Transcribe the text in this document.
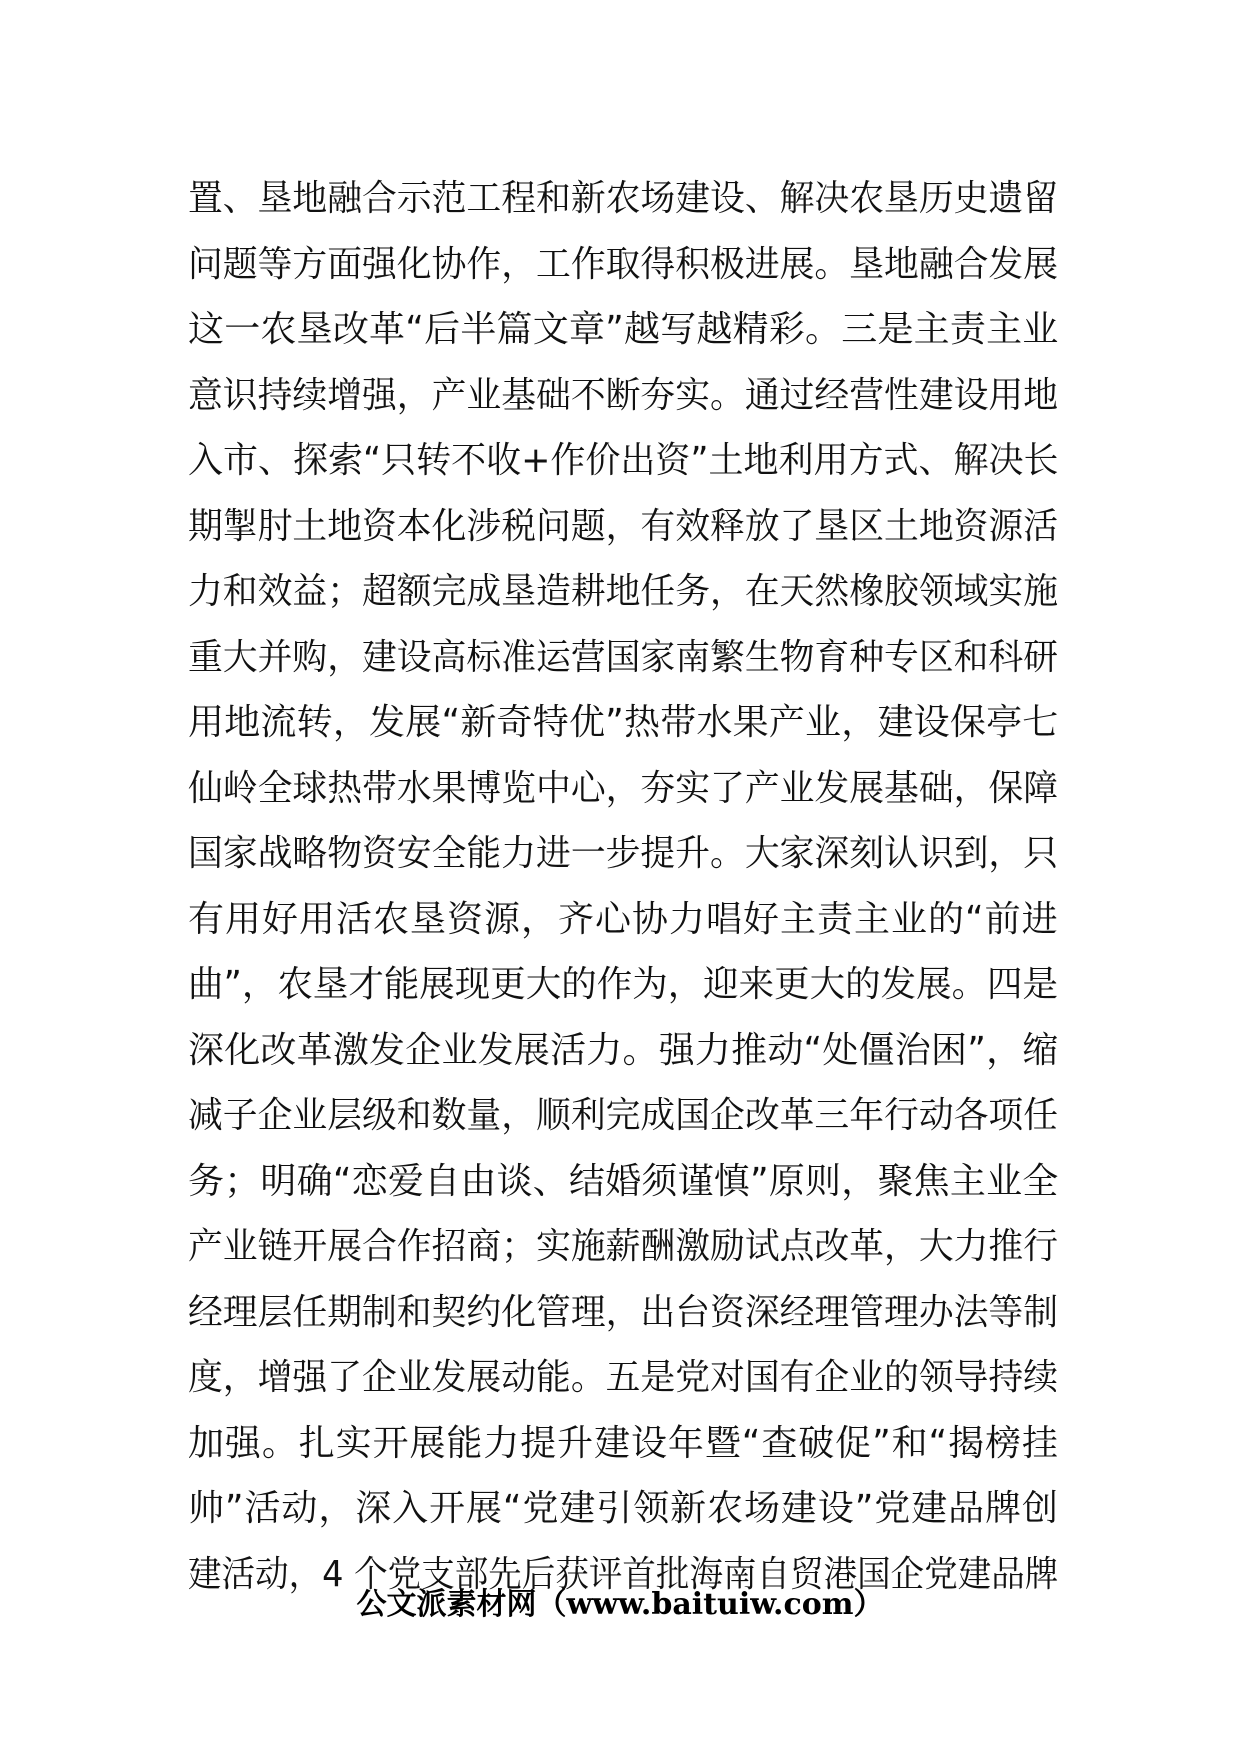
置、垦地融合示范工程和新农场建设、解决农垦历史遗留
问题等方面强化协作，工作取得积极进展。垦地融合发展
这一农垦改革“后半篇文章”越写越精彩。三是主责主业
意识持续增强，产业基础不断夯实。通过经营性建设用地
入市、探索“只转不收+作价出资”土地利用方式、解决长
期掣肘土地资本化涉税问题，有效释放了垦区土地资源活
力和效益；超额完成垦造耕地任务，在天然橡胶领域实施
重大并购，建设高标准运营国家南繁生物育种专区和科研
用地流转，发展“新奇特优”热带水果产业，建设保亭七
仙岭全球热带水果博览中心，夯实了产业发展基础，保障
国家战略物资安全能力进一步提升。大家深刻认识到，只
有用好用活农垦资源，齐心协力唱好主责主业的“前进
曲”，农垦才能展现更大的作为，迎来更大的发展。四是
深化改革激发企业发展活力。强力推动“处僵治困”，缩
减子企业层级和数量，顺利完成国企改革三年行动各项任
务；明确“恋爱自由谈、结婚须谨慎”原则，聚焦主业全
产业链开展合作招商；实施薪酬激励试点改革，大力推行
经理层任期制和契约化管理，出台资深经理管理办法等制
度，增强了企业发展动能。五是党对国有企业的领导持续
加强。扎实开展能力提升建设年暨“查破促”和“揭榜挂
帅”活动，深入开展“党建引领新农场建设”党建品牌创
建活动，4 个党支部先后获评首批海南自贸港国企党建品牌
公文派素材网（www.baituiw.com）
